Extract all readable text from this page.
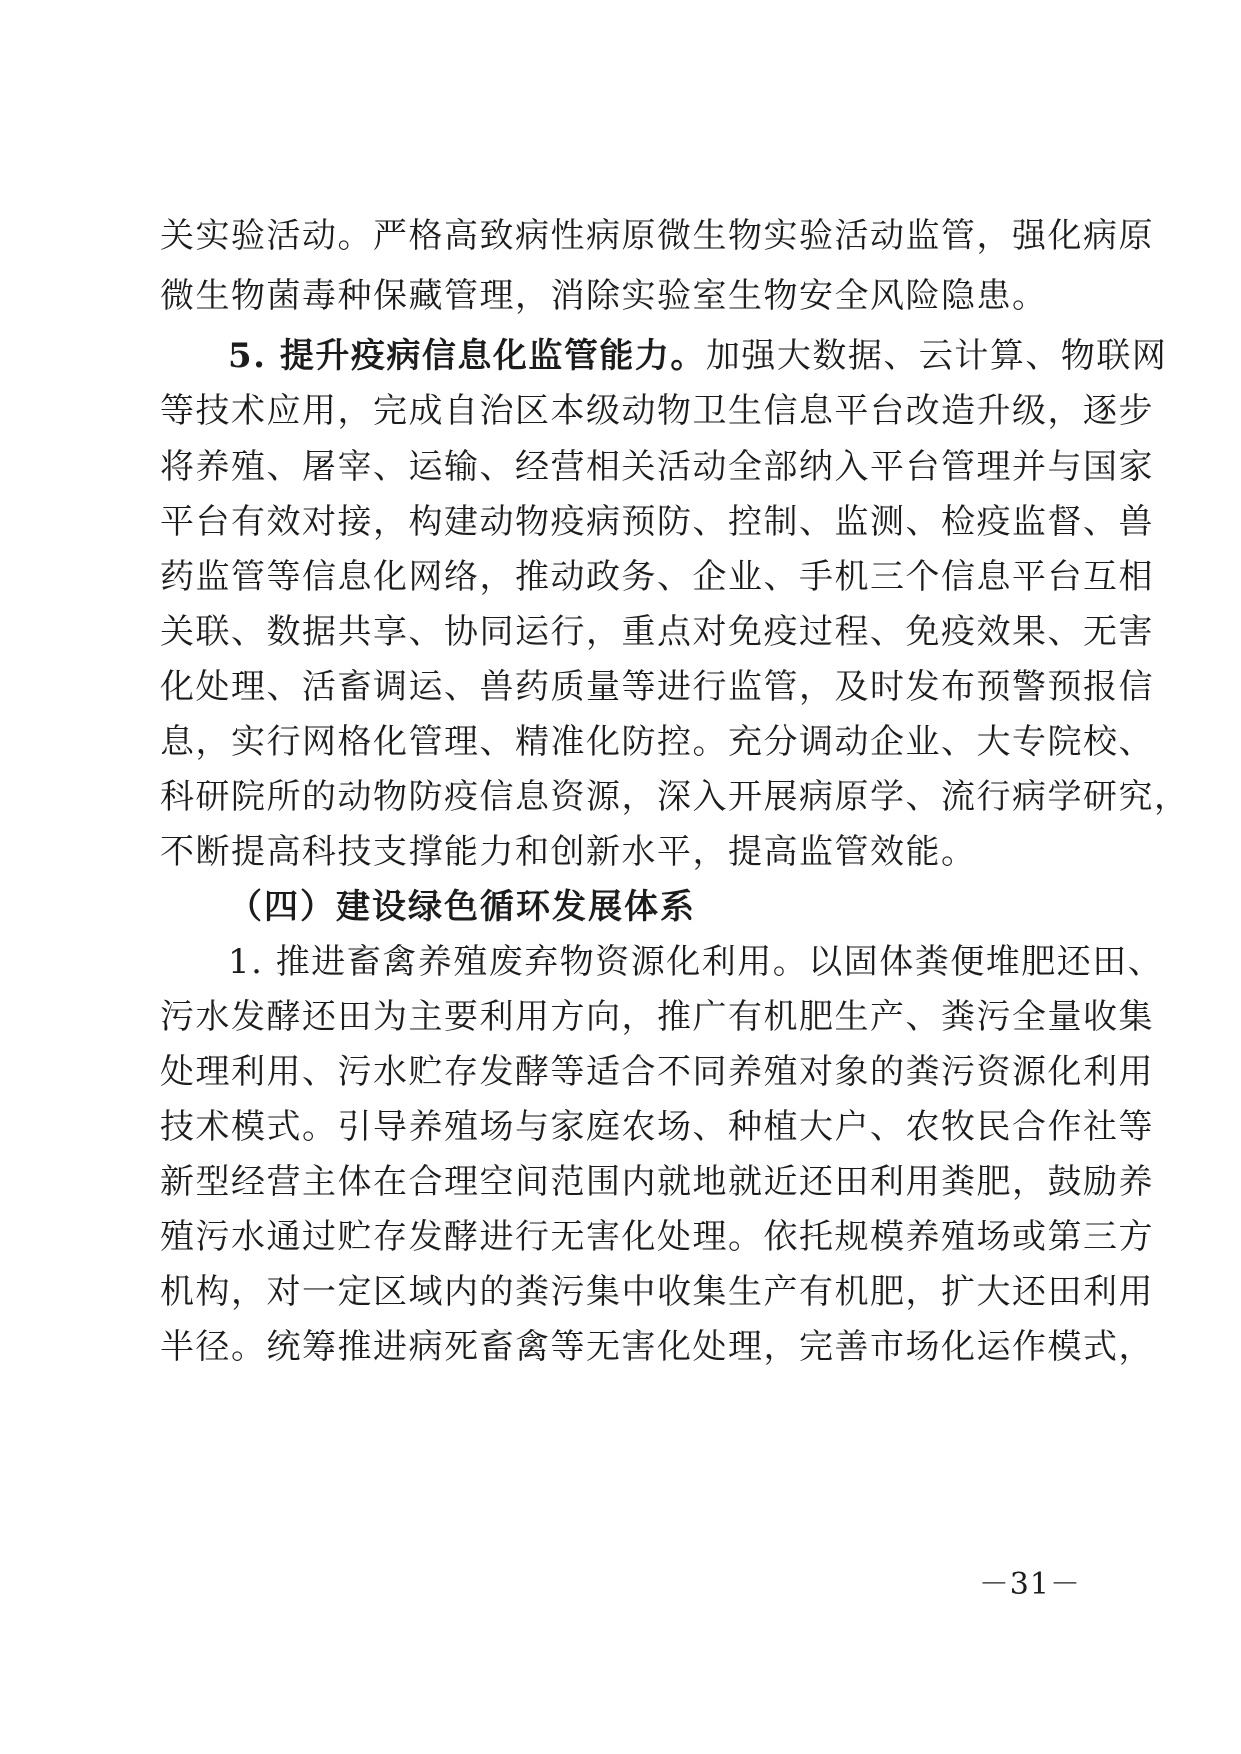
关实验活动。严格高致病性病原微生物实验活动监管，强化病原
微生物菌毒种保藏管理，消除实验室生物安全风险隐患。
5. 提升疫病信息化监管能力。加强大数据、云计算、物联网
等技术应用，完成自治区本级动物卫生信息平台改造升级，逐步
将养殖、屠宰、运输、经营相关活动全部纳入平台管理并与国家
平台有效对接，构建动物疫病预防、控制、监测、检疫监督、兽
药监管等信息化网络，推动政务、企业、手机三个信息平台互相
关联、数据共享、协同运行，重点对免疫过程、免疫效果、无害
化处理、活畜调运、兽药质量等进行监管，及时发布预警预报信
息，实行网格化管理、精准化防控。充分调动企业、大专院校、
科研院所的动物防疫信息资源，深入开展病原学、流行病学研究，
不断提高科技支撑能力和创新水平，提高监管效能。
（四）建设绿色循环发展体系
1. 推进畜禽养殖废弃物资源化利用。以固体粪便堆肥还田、
污水发酵还田为主要利用方向，推广有机肥生产、粪污全量收集
处理利用、污水贮存发酵等适合不同养殖对象的粪污资源化利用
技术模式。引导养殖场与家庭农场、种植大户、农牧民合作社等
新型经营主体在合理空间范围内就地就近还田利用粪肥，鼓励养
殖污水通过贮存发酵进行无害化处理。依托规模养殖场或第三方
机构，对一定区域内的粪污集中收集生产有机肥，扩大还田利用
半径。统筹推进病死畜禽等无害化处理，完善市场化运作模式，
－31－
